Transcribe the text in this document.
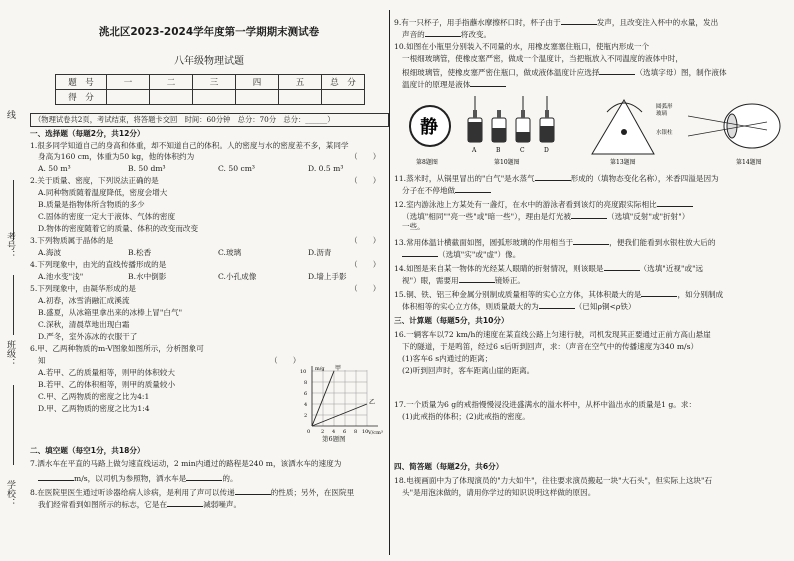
线
考号：
班级：
学校：
洮北区2023-2024学年度第一学期期末测试卷
八年级物理试题
题　号	一	二	三	四	五	总　分
得　分						
（物理试卷共2页，考试结束，将答题卡交回　时间：60分钟　总分：70分　总分：______）
一、选择题（每题2分，共12分）
1.很多同学知道自己的身高和体重，却不知道自己的体积。人的密度与水的密度差不多，某同学
身高为160 cm，体重为50 kg，他的体积约为	（　　）
A. 50 m³	B. 50 dm³	C. 50 cm³	D. 0.5 m³
2.关于质量、密度，下列说法正确的是	（　　）
A.同种物质随着温度降低，密度会增大
B.质量是指物体所含物质的多少
C.固体的密度一定大于液体、气体的密度
D.物体的密度随着它的质量、体积的改变而改变
3.下列物质属于晶体的是	（　　）
A.海波	B.松香	C.玻璃	D.沥青
4.下列现象中，由光的直线传播形成的是	（　　）
A.池水变"浅"	B.水中倒影	C.小孔成像	D.墙上手影
5.下列现象中，由凝华形成的是	（　　）
A.初春，冰雪消融汇成溪流
B.盛夏，从冰箱里拿出来的冰棒上冒"白气"
C.深秋，清晨草地出现白霜
D.严冬，室外冻冰的衣服干了
6.甲、乙两种物质的m-V图象如图所示，分析图象可
知	（　　）
A.若甲、乙的质量相等，则甲的体积较大
B.若甲、乙的体积相等，则甲的质量较小
C.甲、乙两物质的密度之比为4:1
D.甲、乙两物质的密度之比为1:4
m/g
V/cm³
10
8
6
4
2
0 2 4 6 8 10
甲
乙
第6题图
二、填空题（每空1分，共18分）
7.洒水车在平直的马路上做匀速直线运动，2 min内通过的路程是240 m，该洒水车的速度为
m/s，以司机为参照物，洒水车是	的。
8.在医院里医生通过听诊器给病人诊病，是利用了声可以传递	的性质；另外，在医院里
我们经常看到如图所示的标志，它是在	减弱噪声。
9.有一只杯子，用手指蘸水摩擦杯口时，杯子由于	发声，且改变注入杯中的水量，发出
声音的	将改变。
10.如图在小瓶里分别装入不同量的水，用橡皮塞塞住瓶口，使瓶内形成一个
一根细玻璃管，使橡皮塞严密，做成一个温度计，当把瓶放入不同温度的液体中时，
根细玻璃管，使橡皮塞严密住瓶口，做成液体温度计应选择	（选填字母）图，制作液体
温度计的原理是液体
静
第8题图
A	B	C	D
第10题图
圆弧形
玻璃
水银柱
第13题图	第14题图
11.蒸米时，从锅里冒出的"白气"是水蒸气	形成的（填物态变化名称），米香四溢是因为
分子在不停地做
12.室内游泳池上方某处有一盏灯，在水中的游泳者看到该灯的亮度跟实际相比
（选填"相同""亮一些"或"暗一些"），理由是灯光被	（选填"反射"或"折射"）
一些。
13.常用体温计横截面如图，圆弧形玻璃的作用相当于	，便我们能看到水银柱放大后的
（选填"实"或"虚"）像。
14.如图是来自某一物体的光经某人眼睛的折射情况，则该眼是	（选填"近视"或"远
视"）眼，需要用	镜矫正。
15.铜、铁、铝三种金属分别制成质量相等的实心立方体，其体积最大的是	，如分别制成
体积相等的实心立方体，则质量最大的为	（已知ρ铜<ρ铁）
三、计算题（每题5分，共10分）
16.一辆客车以72 km/h的速度在某直线公路上匀速行驶，司机发现其正要通过正前方高山悬崖
下的隧道，于是鸣笛，经过6 s后听到回声，求：（声音在空气中的传播速度为340 m/s）
(1)客车6 s内通过的距离；
(2)听到回声时，客车距离山崖的距离。
17.一个质量为6 g的戒指慢慢浸没进盛满水的溢水杯中，从杯中溢出水的质量是1 g。求：
(1)此戒指的体积；(2)此戒指的密度。
四、简答题（每题2分，共6分）
18.电视画面中为了体现演员的"力大如牛"，往往要求演员搬起一块"大石头"，但实际上这块"石
头"是用泡沫做的，请用你学过的知识说明这样做的原因。
